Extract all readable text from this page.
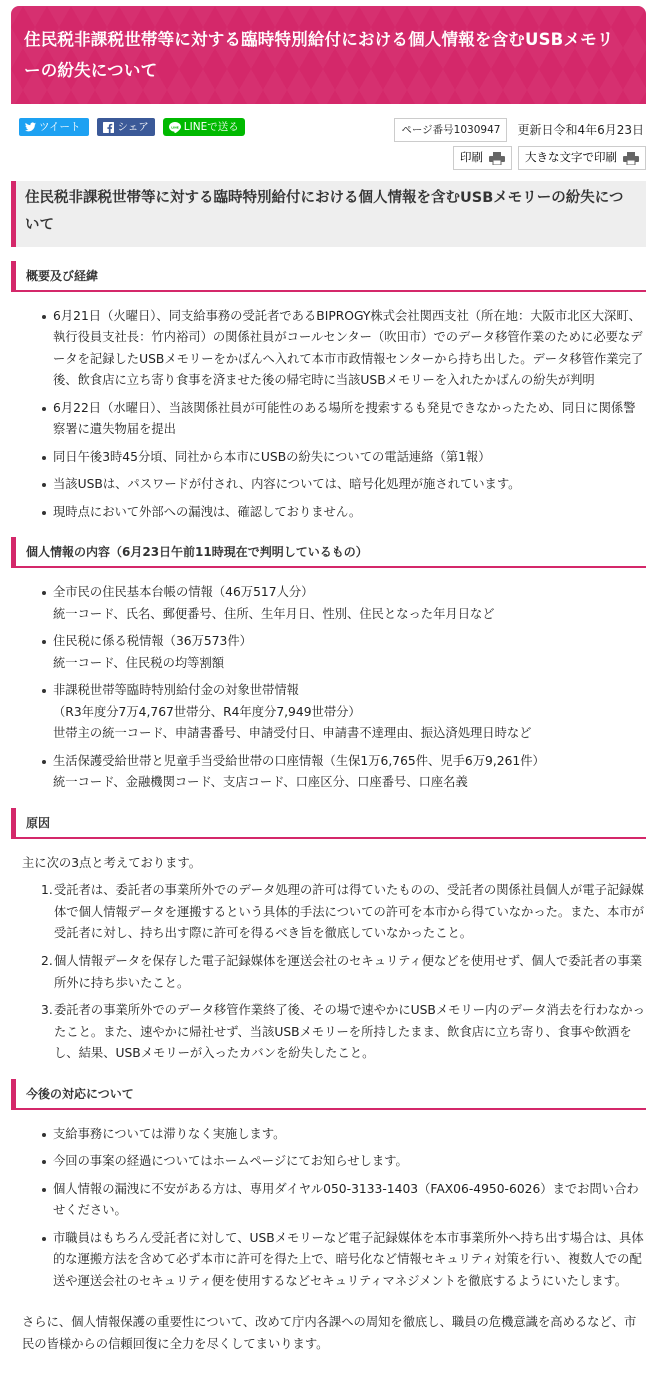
住民税非課税世帯等に対する臨時特別給付における個人情報を含むUSBメモリーの紛失について
ツイート	シェア	LINE LINEで送る	ページ番号1030947	更新日令和4年6月23日
印刷	大きな文字で印刷
住民税非課税世帯等に対する臨時特別給付における個人情報を含むUSBメモリーの紛失について
概要及び経緯
6月21日（火曜日）、同支給事務の受託者であるBIPROGY株式会社関西支社（所在地：大阪市北区大深町、執行役員支社長：竹内裕司）の関係社員がコールセンター（吹田市）でのデータ移管作業のために必要なデータを記録したUSBメモリーをかばんへ入れて本市市政情報センターから持ち出した。データ移管作業完了後、飲食店に立ち寄り食事を済ませた後の帰宅時に当該USBメモリーを入れたかばんの紛失が判明
6月22日（水曜日）、当該関係社員が可能性のある場所を捜索するも発見できなかったため、同日に関係警察署に遺失物届を提出
同日午後3時45分頃、同社から本市にUSBの紛失についての電話連絡（第1報）
当該USBは、パスワードが付され、内容については、暗号化処理が施されています。
現時点において外部への漏洩は、確認しておりません。
個人情報の内容（6月23日午前11時現在で判明しているもの）
全市民の住民基本台帳の情報（46万517人分）
統一コード、氏名、郵便番号、住所、生年月日、性別、住民となった年月日など
住民税に係る税情報（36万573件）
統一コード、住民税の均等割額
非課税世帯等臨時特別給付金の対象世帯情報
（R3年度分7万4,767世帯分、R4年度分7,949世帯分）
世帯主の統一コード、申請書番号、申請受付日、申請書不達理由、振込済処理日時など
生活保護受給世帯と児童手当受給世帯の口座情報（生保1万6,765件、児手6万9,261件）
統一コード、金融機関コード、支店コード、口座区分、口座番号、口座名義
原因

主に次の3点と考えております。

1. 受託者は、委託者の事業所外でのデータ処理の許可は得ていたものの、受託者の関係社員個人が電子記録媒体で個人情報データを運搬するという具体的手法についての許可を本市から得ていなかった。また、本市が受託者に対し、持ち出す際に許可を得るべき旨を徹底していなかったこと。
2. 個人情報データを保存した電子記録媒体を運送会社のセキュリティ便などを使用せず、個人で委託者の事業所外に持ち歩いたこと。
3. 委託者の事業所外でのデータ移管作業終了後、その場で速やかにUSBメモリー内のデータ消去を行わなかったこと。また、速やかに帰社せず、当該USBメモリーを所持したまま、飲食店に立ち寄り、食事や飲酒をし、結果、USBメモリーが入ったカバンを紛失したこと。
今後の対応について
支給事務については滞りなく実施します。
今回の事案の経過についてはホームページにてお知らせします。
個人情報の漏洩に不安がある方は、専用ダイヤル050-3133-1403（FAX06-4950-6026）までお問い合わせください。
市職員はもちろん受託者に対して、USBメモリーなど電子記録媒体を本市事業所外へ持ち出す場合は、具体的な運搬方法を含めて必ず本市に許可を得た上で、暗号化など情報セキュリティ対策を行い、複数人での配送や運送会社のセキュリティ便を使用するなどセキュリティマネジメントを徹底するようにいたします。

さらに、個人情報保護の重要性について、改めて庁内各課への周知を徹底し、職員の危機意識を高めるなど、市民の皆様からの信頼回復に全力を尽くしてまいります。
